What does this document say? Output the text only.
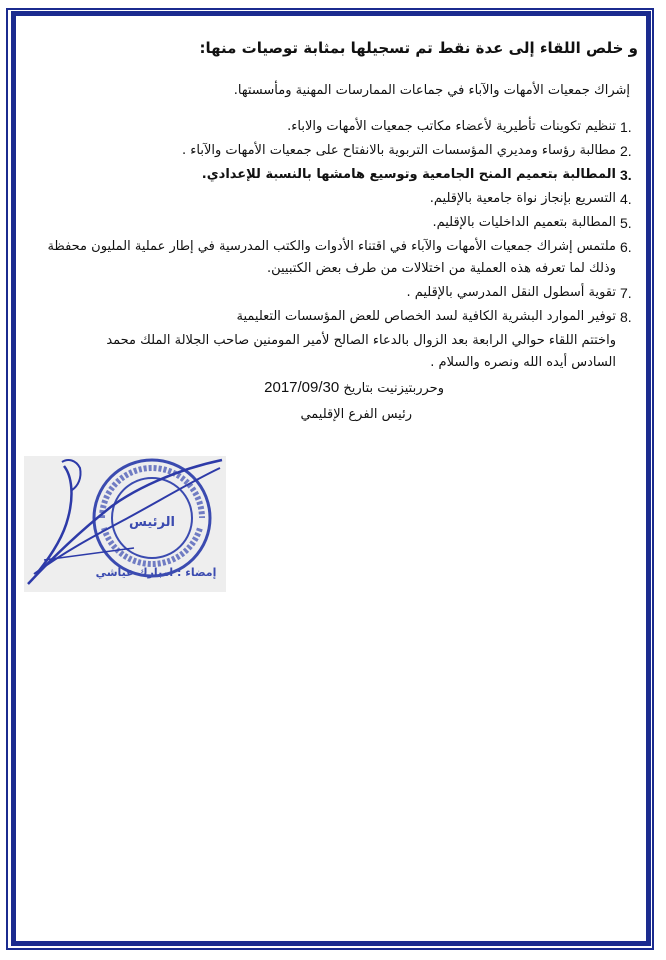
و خلص اللقاء إلى عدة نقط تم تسجيلها بمثابة توصيات منها:
إشراك جمعيات الأمهات والآباء في جماعات الممارسات المهنية ومأسستها.
1.
تنظيم تكوينات تأطيرية لأعضاء مكاتب جمعيات الأمهات والاباء.
2.
مطالبة رؤساء ومديري المؤسسات التربوية بالانفتاح على جمعيات الأمهات والآباء .
3.
المطالبة بتعميم المنح الجامعية وتوسيع هامشها بالنسبة للإعدادي.
4.
التسريع بإنجاز نواة جامعية بالإقليم.
5.
المطالبة بتعميم الداخليات بالإقليم.
6.
ملتمس إشراك جمعيات الأمهات والآباء في اقتناء الأدوات والكتب المدرسية في إطار عملية المليون محفظة وذلك لما تعرفه هذه العملية من اختلالات من طرف بعض الكتبيين.
7.
تقوية أسطول النقل المدرسي بالإقليم .
8.
توفير الموارد البشرية الكافية لسد الخصاص للعض المؤسسات التعليمية
واختتم اللقاء حوالي الرابعة بعد الزوال بالدعاء الصالح لأمير المومنين صاحب الجلالة الملك محمد السادس أيده الله ونصره والسلام .
وحرربتيزنيت بتاريخ 2017/09/30
رئيس الفرع الإقليمي
الرئيس
إمضاء : امبارك عياشي
